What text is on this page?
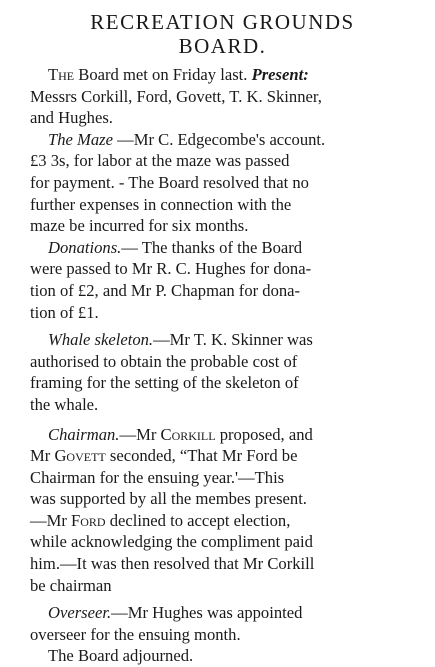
RECREATION GROUNDS
BOARD.

The Board met on Friday last. Present:
Messrs Corkill, Ford, Govett, T. K. Skinner,
and Hughes.

The Maze —Mr C. Edgecombe's account.
£3 3s, for labor at the maze was passed
for payment. - The Board resolved that no
further expenses in connection with the
maze be incurred for six months.

Donations.— The thanks of the Board
were passed to Mr R. C. Hughes for dona-
tion of £2, and Mr P. Chapman for dona-
tion of £1.

Whale skeleton.—Mr T. K. Skinner was
authorised to obtain the probable cost of
framing for the setting of the skeleton of
the whale.

Chairman.—Mr Corkill proposed, and
Mr Govett seconded, “That Mr Ford be
Chairman for the ensuing year.'—This
was supported by all the membes present.
—Mr Ford declined to accept election,
while acknowledging the compliment paid
him.—It was then resolved that Mr Corkill
be chairman

Overseer.—Mr Hughes was appointed
overseer for the ensuing month.
The Board adjourned.
